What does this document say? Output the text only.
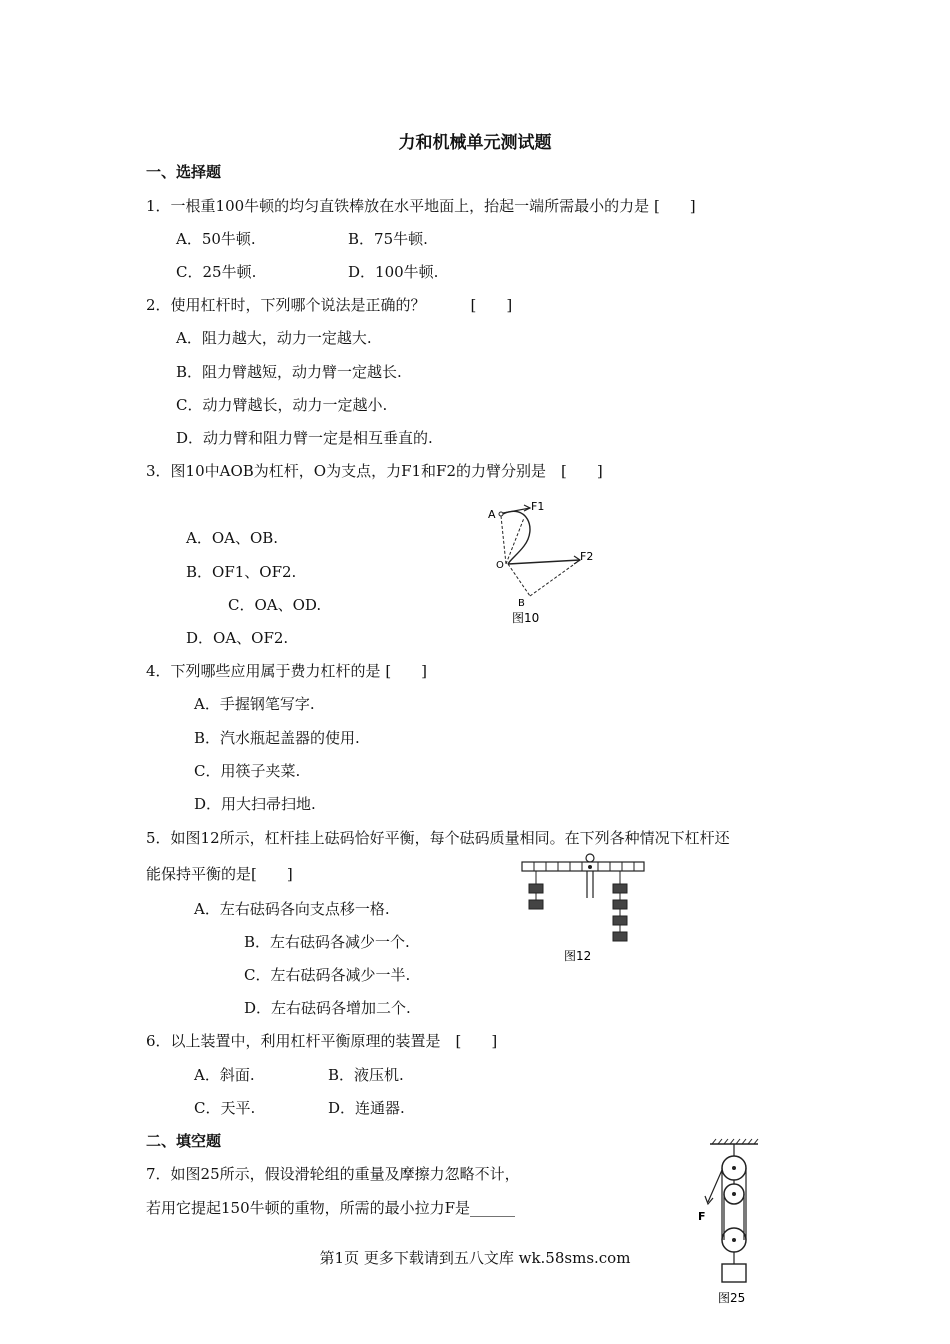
力和机械单元测试题
一、选择题
1．一根重100牛顿的均匀直铁棒放在水平地面上，抬起一端所需最小的力是 [　　]
A．50牛顿.	B．75牛顿.
C．25牛顿.	D．100牛顿.
2．使用杠杆时，下列哪个说法是正确的？　　　[　　]
A．阻力越大，动力一定越大.
B．阻力臂越短，动力臂一定越长.
C．动力臂越长，动力一定越小.
D．动力臂和阻力臂一定是相互垂直的.
3．图10中AOB为杠杆，O为支点，力F1和F2的力臂分别是　[　　]
A．OA、OB.
B．OF1、OF2.
C．OA、OD.
D．OA、OF2.
A
F1
O
F2
B
图10
4．下列哪些应用属于费力杠杆的是 [　　]
A．手握钢笔写字.
B．汽水瓶起盖器的使用.
C．用筷子夹菜.
D．用大扫帚扫地.
5．如图12所示，杠杆挂上砝码恰好平衡，每个砝码质量相同。在下列各种情况下杠杆还
能保持平衡的是[　　]
A．左右砝码各向支点移一格.
B．左右砝码各减少一个.
C．左右砝码各减少一半.
D．左右砝码各增加二个.
图12
6．以上装置中，利用杠杆平衡原理的装置是　[　　]
A．斜面.	B．液压机.
C．天平.	D．连通器.
二、填空题
7．如图25所示，假设滑轮组的重量及摩擦力忽略不计，
若用它提起150牛顿的重物，所需的最小拉力F是______	F
图25
第1页 更多下载请到五八文库 wk.58sms.com
